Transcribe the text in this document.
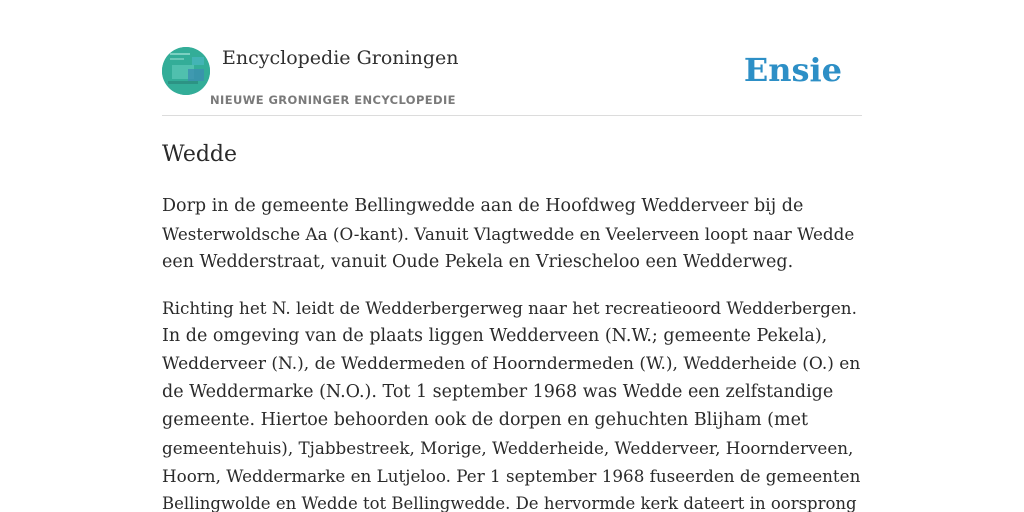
Encyclopedie Groningen
NIEUWE GRONINGER ENCYCLOPEDIE
Ensie
Wedde

Dorp in de gemeente Bellingwedde aan de Hoofdweg Wedderveer bij de
Westerwoldsche Aa (O-kant). Vanuit Vlagtwedde en Veelerveen loopt naar Wedde
een Wedderstraat, vanuit Oude Pekela en Vriescheloo een Wedderweg.

Richting het N. leidt de Wedderbergerweg naar het recreatieoord Wedderbergen.
In de omgeving van de plaats liggen Wedderveen (N.W.; gemeente Pekela),
Wedderveer (N.), de Weddermeden of Hoorndermeden (W.), Wedderheide (O.) en
de Weddermarke (N.O.). Tot 1 september 1968 was Wedde een zelfstandige
gemeente. Hiertoe behoorden ook de dorpen en gehuchten Blijham (met
gemeentehuis), Tjabbestreek, Morige, Wedderheide, Wedderveer, Hoornderveen,
Hoorn, Weddermarke en Lutjeloo. Per 1 september 1968 fuseerden de gemeenten
Bellingwolde en Wedde tot Bellingwedde. De hervormde kerk dateert in oorsprong
